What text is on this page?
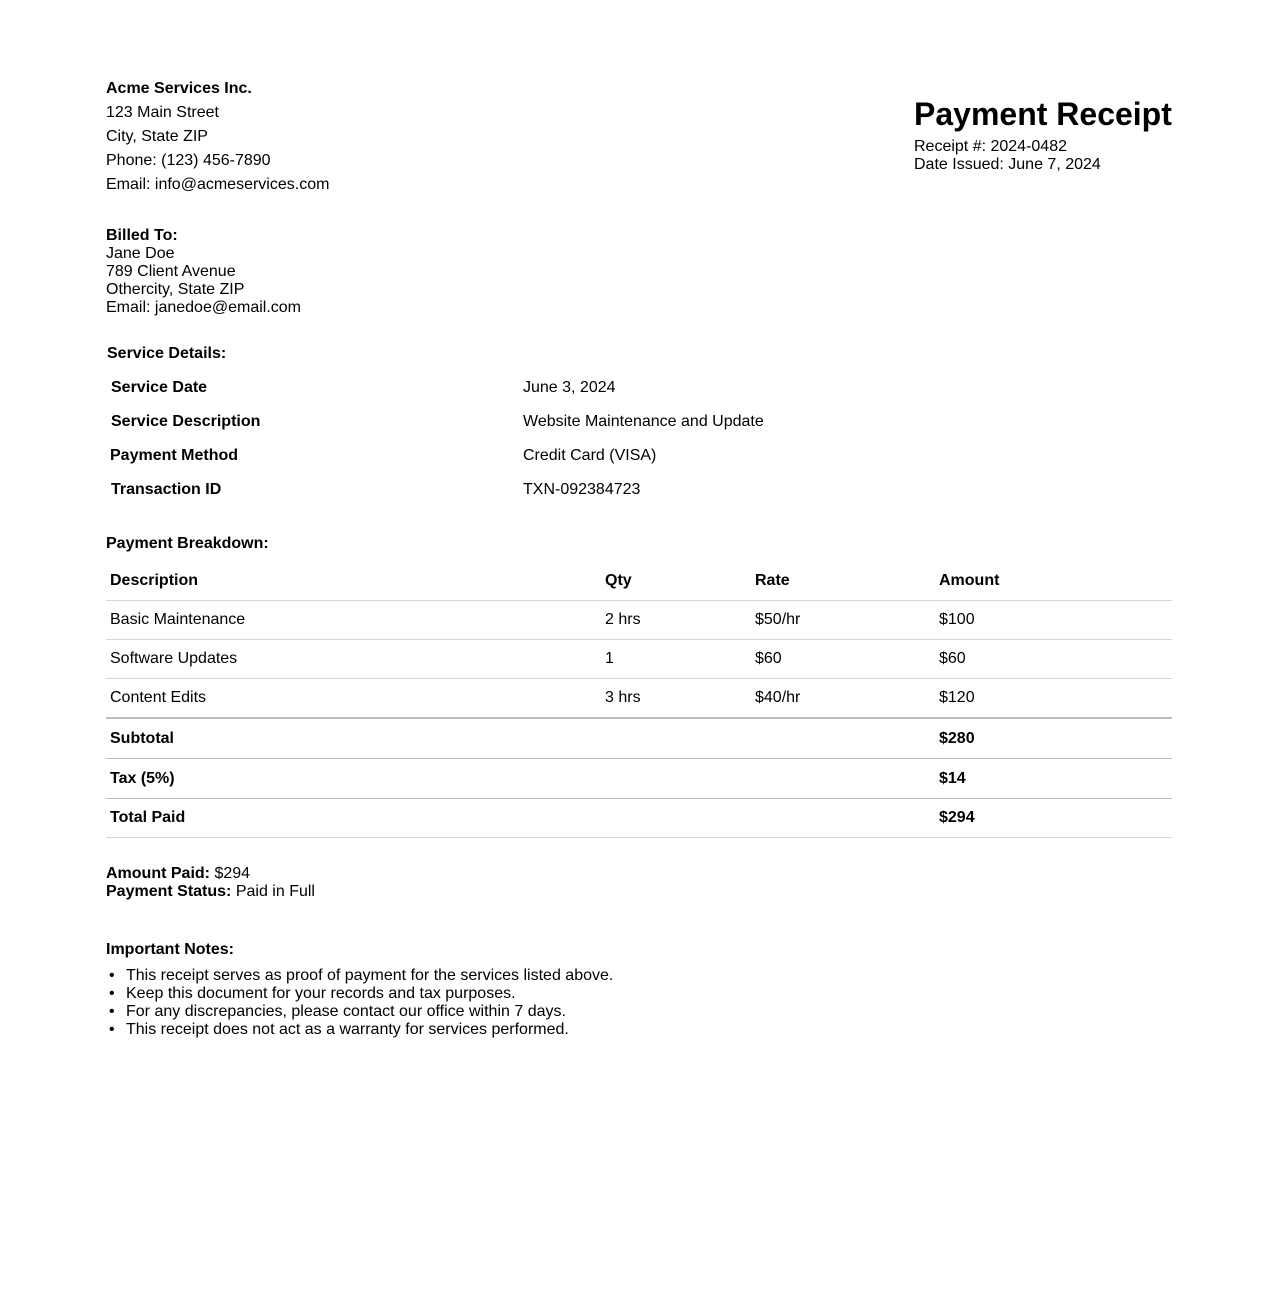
Acme Services Inc.
123 Main Street
City, State ZIP
Phone: (123) 456-7890
Email: info@acmeservices.com
Payment Receipt
Receipt #: 2024-0482
Date Issued: June 7, 2024
Billed To:
Jane Doe
789 Client Avenue
Othercity, State ZIP
Email: janedoe@email.com
Service Details:
Service Date	June 3, 2024
Service Description	Website Maintenance and Update
Payment Method	Credit Card (VISA)
Transaction ID	TXN-092384723
Payment Breakdown:
Description	Qty	Rate	Amount
Basic Maintenance	2 hrs	$50/hr	$100
Software Updates	1	$60	$60
Content Edits	3 hrs	$40/hr	$120
Subtotal	$280
Tax (5%)	$14
Total Paid	$294
Amount Paid: $294
Payment Status: Paid in Full
Important Notes:
• This receipt serves as proof of payment for the services listed above.
• Keep this document for your records and tax purposes.
• For any discrepancies, please contact our office within 7 days.
• This receipt does not act as a warranty for services performed.
